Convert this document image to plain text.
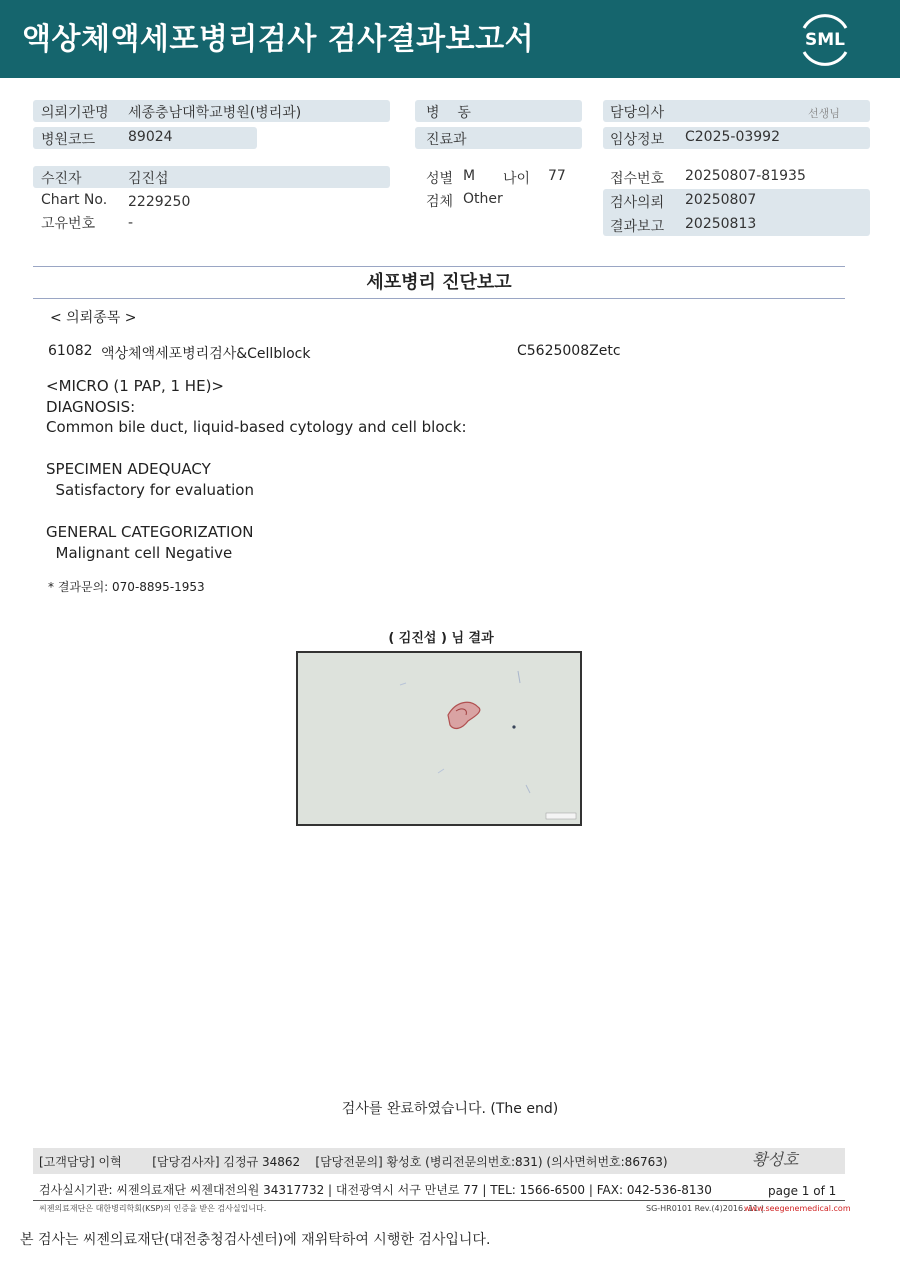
액상체액세포병리검사 검사결과보고서	SML
의뢰기관명 세종충남대학교병원(병리과)
병원코드 89024
수진자	김진섭
Chart No. 2229250
고유번호 -
병    동
진료과
성별 M 나이 77
검체 Other
담당의사	선생님
임상정보 C2025-03992
접수번호 20250807-81935
검사의뢰 20250807
결과보고 20250813
세포병리 진단보고
< 의뢰종목 >
61082 액상체액세포병리검사&Cellblock	C5625008Zetc
<MICRO (1 PAP, 1 HE)>
DIAGNOSIS:
Common bile duct, liquid-based cytology and cell block:
SPECIMEN ADEQUACY
Satisfactory for evaluation
GENERAL CATEGORIZATION
Malignant cell Negative
* 결과문의: 070-8895-1953
( 김진섭 ) 님 결과
검사를 완료하였습니다. (The end)
[고객담당] 이혁        [담당검사자] 김정규 34862    [담당전문의] 황성호 (병리전문의번호:831) (의사면허번호:86763)	황성호
검사실시기관: 씨젠의료재단 씨젠대전의원 34317732 | 대전광역시 서구 만년로 77 | TEL: 1566-6500 | FAX: 042-536-8130	page 1 of 1
씨젠의료재단은 대한병리학회(KSP)의 인증을 받은 검사실입니다.	SG-HR0101 Rev.(4)2016. 11 |
www.seegenemedical.com
본 검사는 씨젠의료재단(대전충청검사센터)에 재위탁하여 시행한 검사입니다.
